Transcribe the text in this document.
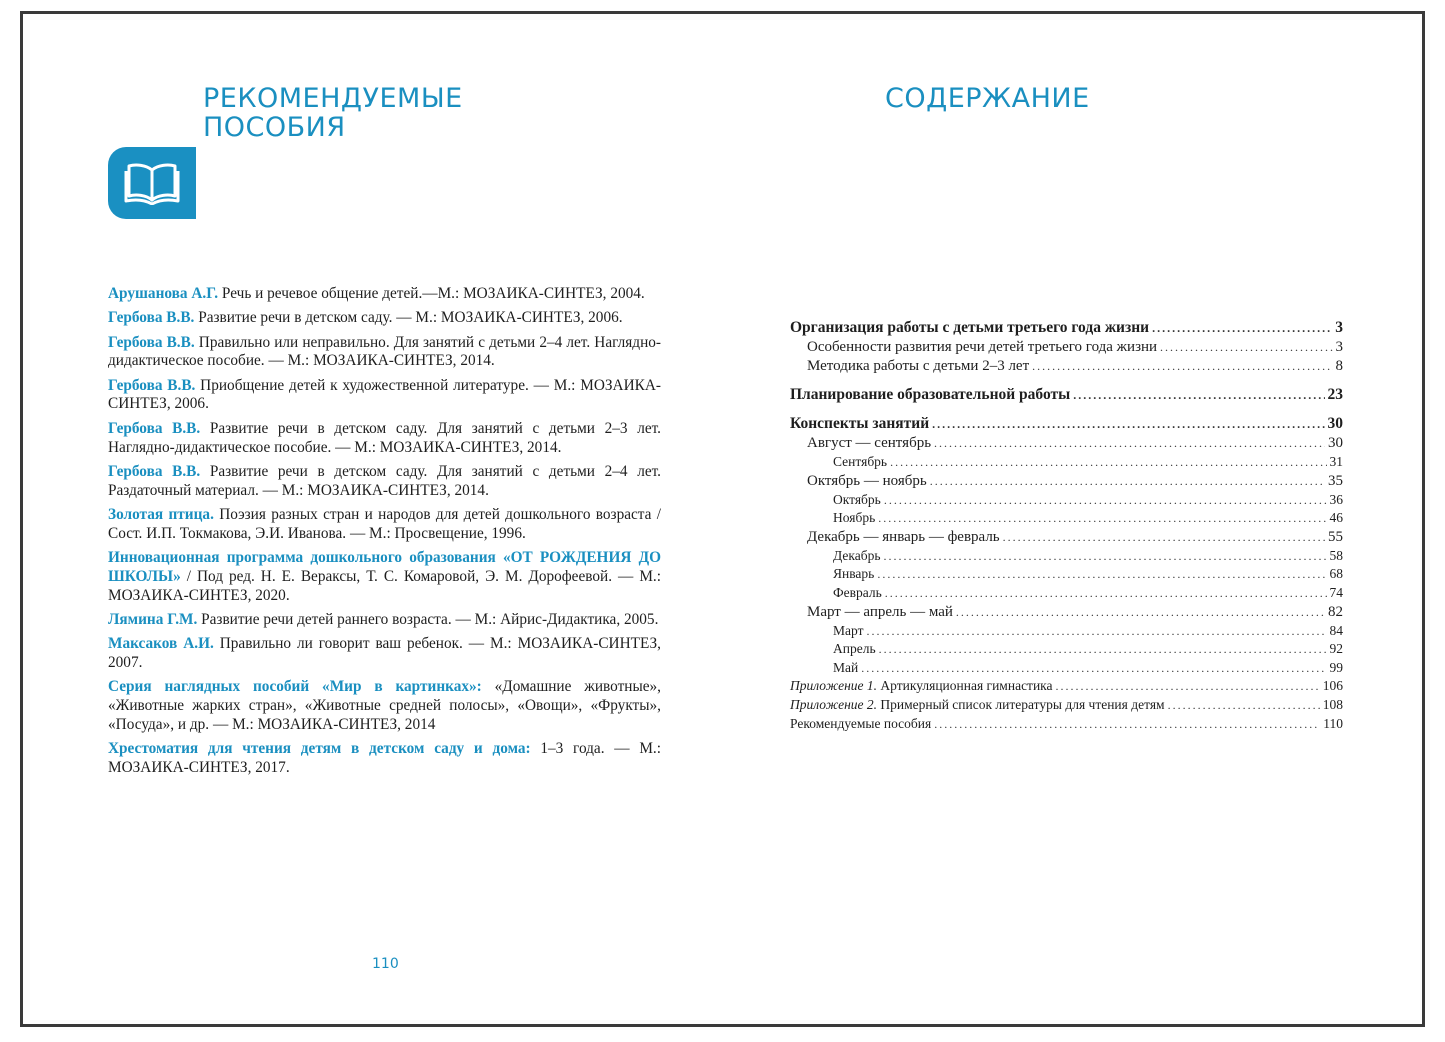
РЕКОМЕНДУЕМЫЕ ПОСОБИЯ

Арушанова А.Г. Речь и речевое общение детей.—М.: МОЗАИКА-СИНТЕЗ, 2004.

Гербова В.В. Развитие речи в детском саду. — М.: МОЗАИКА-СИНТЕЗ, 2006.

Гербова В.В. Правильно или неправильно. Для занятий с детьми 2–4 лет. Наглядно-дидактическое пособие. — М.: МОЗАИКА-СИНТЕЗ, 2014.

Гербова В.В. Приобщение детей к художественной литературе. — М.: МОЗАИКА-СИНТЕЗ, 2006.

Гербова В.В. Развитие речи в детском саду. Для занятий с детьми 2–3 лет. Наглядно-дидактическое пособие. — М.: МОЗАИКА-СИНТЕЗ, 2014.

Гербова В.В. Развитие речи в детском саду. Для занятий с детьми 2–4 лет. Раздаточный материал. — М.: МОЗАИКА-СИНТЕЗ, 2014.

Золотая птица. Поэзия разных стран и народов для детей дошкольного возраста / Сост. И.П. Токмакова, Э.И. Иванова. — М.: Просвещение, 1996.

Инновационная программа дошкольного образования «ОТ РОЖДЕНИЯ ДО ШКОЛЫ» / Под ред. Н. Е. Вераксы, Т. С. Комаровой, Э. М. Дорофеевой. — М.: МОЗАИКА-СИНТЕЗ, 2020.

Лямина Г.М. Развитие речи детей раннего возраста. — М.: Айрис-Дидактика, 2005.

Максаков А.И. Правильно ли говорит ваш ребенок. — М.: МОЗАИКА-СИНТЕЗ, 2007.

Серия наглядных пособий «Мир в картинках»: «Домашние животные», «Животные жарких стран», «Животные средней полосы», «Овощи», «Фрукты», «Посуда», и др. — М.: МОЗАИКА-СИНТЕЗ, 2014

Хрестоматия для чтения детям в детском саду и дома: 1–3 года. — М.: МОЗАИКА-СИНТЕЗ, 2017.

110
СОДЕРЖАНИЕ
Организация работы с детьми третьего года жизни .....	3
Особенности развития речи детей третьего года жизни .....	3
Методика работы с детьми 2–3 лет .....	8
Планирование образовательной работы .....	23
Конспекты занятий .....	30
Август — сентябрь .....	30
Сентябрь .....	31
Октябрь — ноябрь .....	35
Октябрь .....	36
Ноябрь .....	46
Декабрь — январь — февраль .....	55
Декабрь .....	58
Январь .....	68
Февраль .....	74
Март — апрель — май .....	82
Март .....	84
Апрель .....	92
Май .....	99
Приложение 1. Артикуляционная гимнастика .....	106
Приложение 2. Примерный список литературы для чтения детям .....	108
Рекомендуемые пособия .....	110
